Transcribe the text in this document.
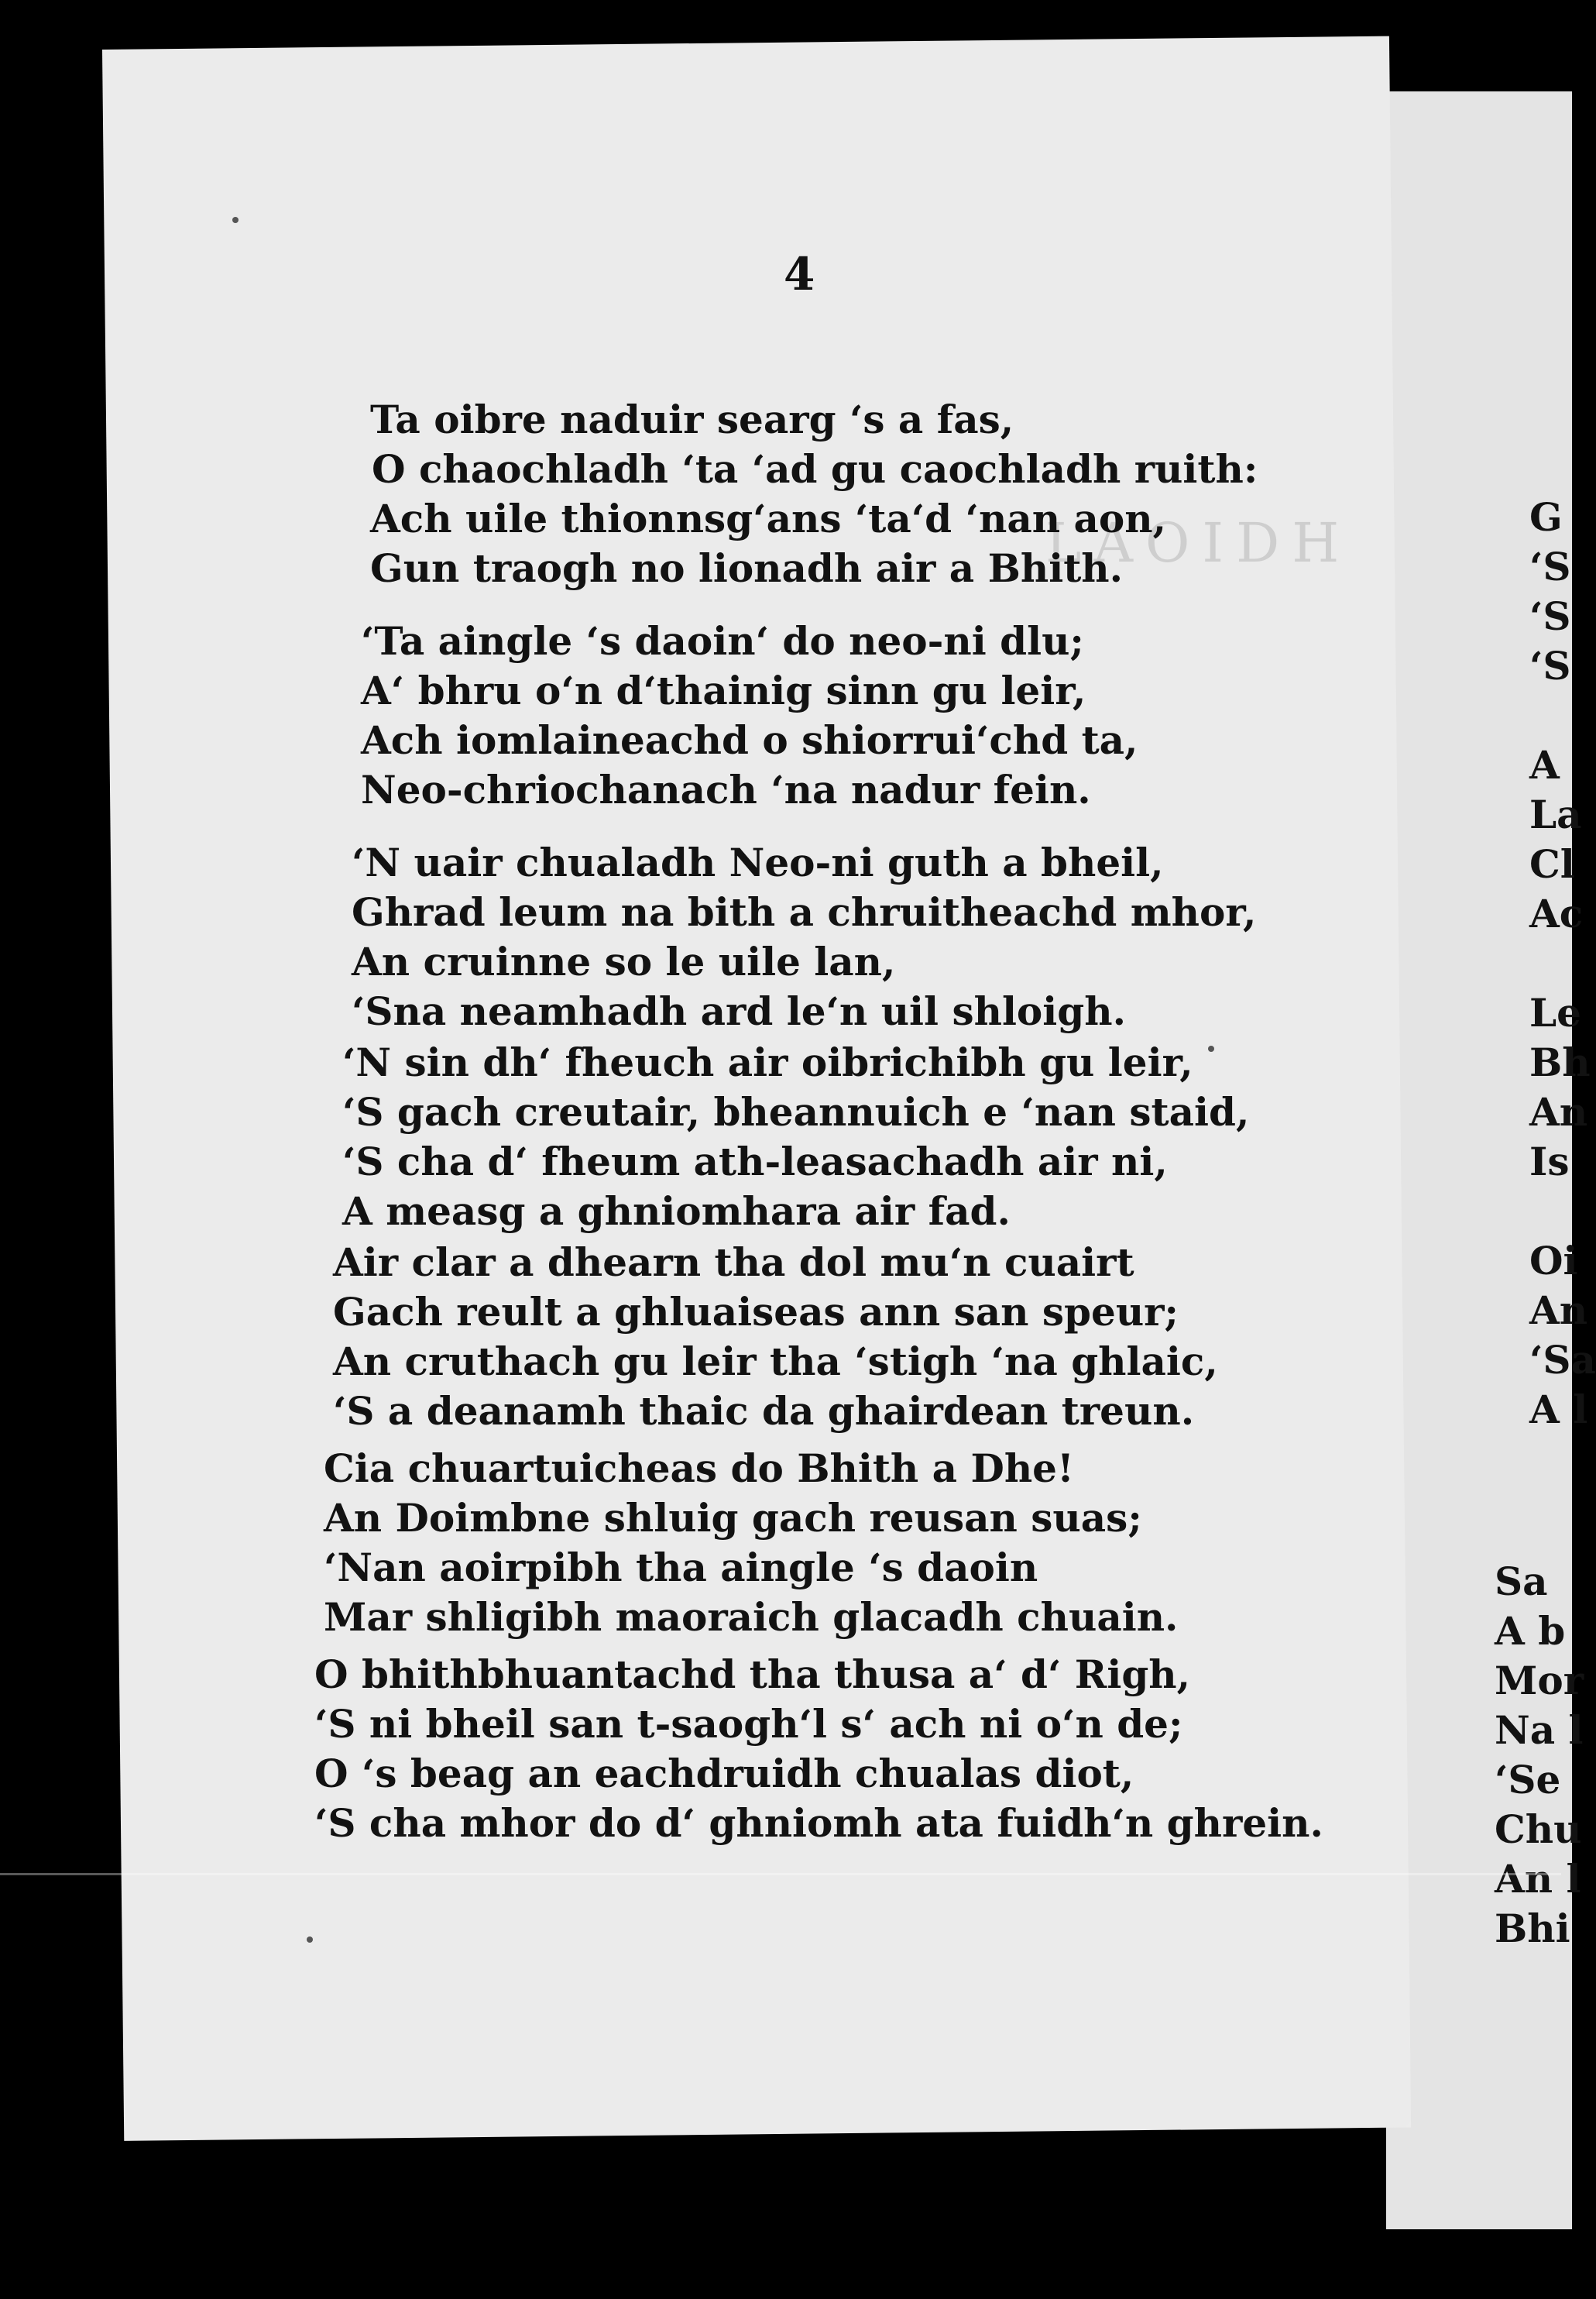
LAOIDH
4
Ta oibre naduir searg ‘s a fas,
O chaochladh ‘ta ‘ad gu caochladh ruith:
Ach uile thionnsg‘ans ‘ta‘d ‘nan aon,
Gun traogh no lionadh air a Bhith.
‘Ta aingle ‘s daoin‘ do neo-ni dlu;
A‘ bhru o‘n d‘thainig sinn gu leir,
Ach iomlaineachd o shiorrui‘chd ta,
Neo-chriochanach ‘na nadur fein.
‘N uair chualadh Neo-ni guth a bheil,
Ghrad leum na bith a chruitheachd mhor,
An cruinne so le uile lan,
‘Sna neamhadh ard le‘n uil shloigh.
‘N sin dh‘ fheuch air oibrichibh gu leir,
‘S gach creutair, bheannuich e ‘nan staid,
‘S cha d‘ fheum ath-leasachadh air ni,
A measg a ghniomhara air fad.
Air clar a dhearn tha dol mu‘n cuairt
Gach reult a ghluaiseas ann san speur;
An cruthach gu leir tha ‘stigh ‘na ghlaic,
‘S a deanamh thaic da ghairdean treun.
Cia chuartuicheas do Bhith a Dhe!
An Doimbne shluig gach reusan suas;
‘Nan aoirpibh tha aingle ‘s daoin
Mar shligibh maoraich glacadh chuain.
O bhithbhuantachd tha thusa a‘ d‘ Righ,
‘S ni bheil san t-saogh‘l s‘ ach ni o‘n de;
O ‘s beag an eachdruidh chualas diot,
‘S cha mhor do d‘ ghniomh ata fuidh‘n ghrein.
G
‘S
‘S
‘S
A
La
Cl
Ac
Le
Bh
An
Is
Oi
An
‘Sa
A l
Sa
A b
Mor
Na l
‘Se
Chu
An l
Bhi
